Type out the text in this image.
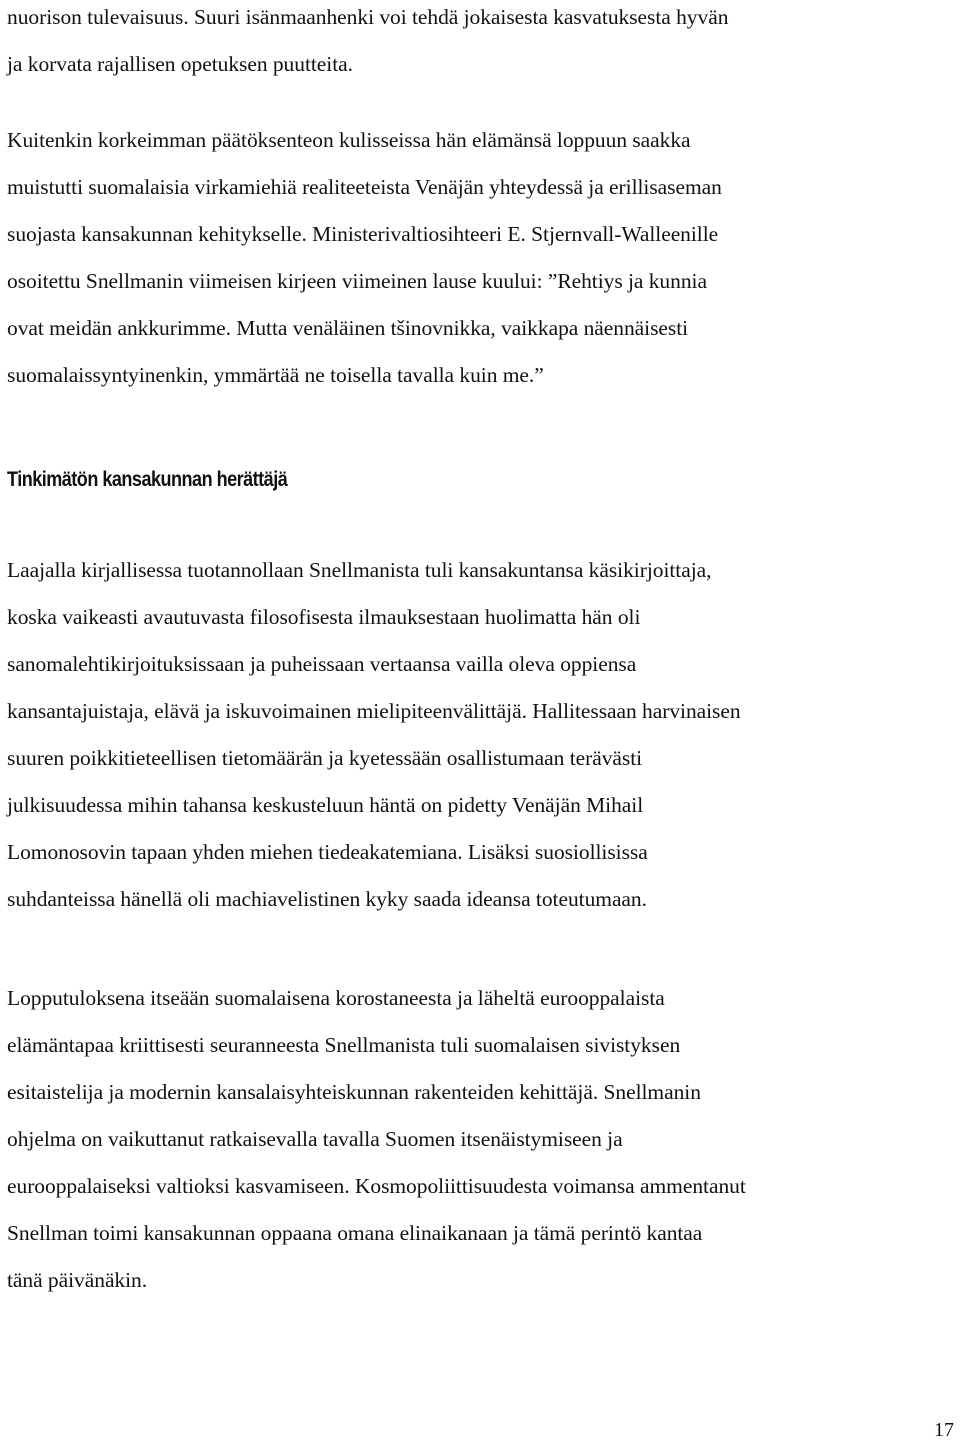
nuorison tulevaisuus. Suuri isänmaanhenki voi tehdä jokaisesta kasvatuksesta hyvän
ja korvata rajallisen opetuksen puutteita.

Kuitenkin korkeimman päätöksenteon kulisseissa hän elämänsä loppuun saakka
muistutti suomalaisia virkamiehiä realiteeteista Venäjän yhteydessä ja erillisaseman
suojasta kansakunnan kehitykselle. Ministerivaltiosihteeri E. Stjernvall-Walleenille
osoitettu Snellmanin viimeisen kirjeen viimeinen lause kuului: ”Rehtiys ja kunnia
ovat meidän ankkurimme. Mutta venäläinen tšinovnikka, vaikkapa näennäisesti
suomalaissyntyinenkin, ymmärtää ne toisella tavalla kuin me.”

Tinkimätön kansakunnan herättäjä

Laajalla kirjallisessa tuotannollaan Snellmanista tuli kansakuntansa käsikirjoittaja,
koska vaikeasti avautuvasta filosofisesta ilmauksestaan huolimatta hän oli
sanomalehtikirjoituksissaan ja puheissaan vertaansa vailla oleva oppiensa
kansantajuistaja, elävä ja iskuvoimainen mielipiteenvälittäjä. Hallitessaan harvinaisen
suuren poikkitieteellisen tietomäärän ja kyetessään osallistumaan terävästi
julkisuudessa mihin tahansa keskusteluun häntä on pidetty Venäjän Mihail
Lomonosovin tapaan yhden miehen tiedeakatemiana. Lisäksi suosiollisissa
suhdanteissa hänellä oli machiavelistinen kyky saada ideansa toteutumaan.

Lopputuloksena itseään suomalaisena korostaneesta ja läheltä eurooppalaista
elämäntapaa kriittisesti seuranneesta Snellmanista tuli suomalaisen sivistyksen
esitaistelija ja modernin kansalaisyhteiskunnan rakenteiden kehittäjä. Snellmanin
ohjelma on vaikuttanut ratkaisevalla tavalla Suomen itsenäistymiseen ja
eurooppalaiseksi valtioksi kasvamiseen. Kosmopoliittisuudesta voimansa ammentanut
Snellman toimi kansakunnan oppaana omana elinaikanaan ja tämä perintö kantaa
tänä päivänäkin.

17
